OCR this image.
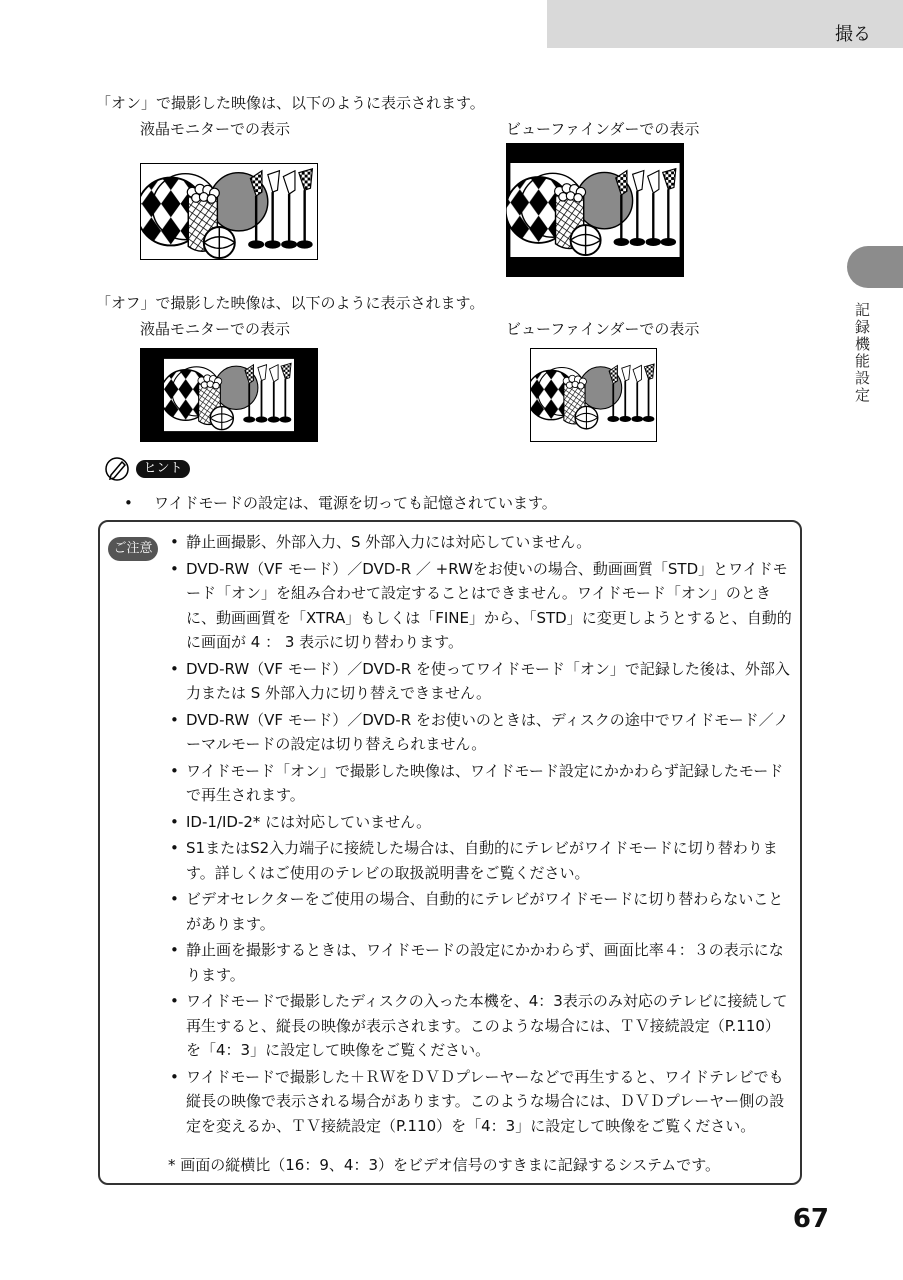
撮る
記録機能設定
「オン」で撮影した映像は、以下のように表示されます。
液晶モニターでの表示	ビューファインダーでの表示
「オフ」で撮影した映像は、以下のように表示されます。
液晶モニターでの表示	ビューファインダーでの表示
ヒント
• ワイドモードの設定は、電源を切っても記憶されています。
ご注意
•	静止画撮影、外部入力、S 外部入力には対応していません。
• DVD-RW（VF モード）／DVD-R ／ +RWをお使いの場合、動画画質「STD」とワイドモード「オン」を組み合わせて設定することはできません。ワイドモード「オン」のときに、動画画質を「XTRA」もしくは「FINE」から、「STD」に変更しようとすると、自動的に画面が 4 ： 3 表示に切り替わります。
• DVD-RW（VF モード）／DVD-R を使ってワイドモード「オン」で記録した後は、外部入力または S 外部入力に切り替えできません。
• DVD-RW（VF モード）／DVD-R をお使いのときは、ディスクの途中でワイドモード／ノーマルモードの設定は切り替えられません。
• ワイドモード「オン」で撮影した映像は、ワイドモード設定にかかわらず記録したモードで再生されます。
• ID-1/ID-2* には対応していません。
• S1またはS2入力端子に接続した場合は、自動的にテレビがワイドモードに切り替わります。詳しくはご使用のテレビの取扱説明書をご覧ください。
• ビデオセレクターをご使用の場合、自動的にテレビがワイドモードに切り替わらないことがあります。
• 静止画を撮影するときは、ワイドモードの設定にかかわらず、画面比率４：３の表示になります。
• ワイドモードで撮影したディスクの入った本機を、4：3表示のみ対応のテレビに接続して再生すると、縦長の映像が表示されます。このような場合には、ＴＶ接続設定（P.110）を「4：3」に設定して映像をご覧ください。
• ワイドモードで撮影した＋ＲＷをＤＶＤプレーヤーなどで再生すると、ワイドテレビでも縦長の映像で表示される場合があります。このような場合には、ＤＶＤプレーヤー側の設定を変えるか、ＴＶ接続設定（P.110）を「4：3」に設定して映像をご覧ください。
* 画面の縦横比（16：9、4：3）をビデオ信号のすきまに記録するシステムです。
67
